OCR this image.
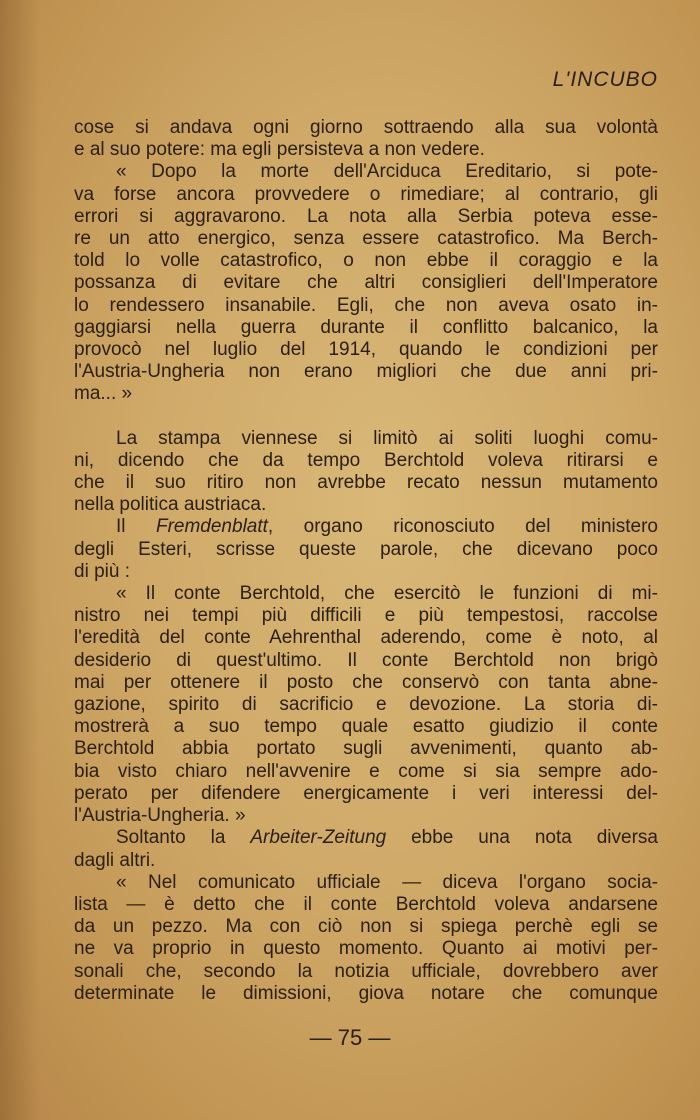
L'INCUBO

cose si andava ogni giorno sottraendo alla sua volontà

e al suo potere: ma egli persisteva a non vedere.

« Dopo la morte dell'Arciduca Ereditario, si pote-

va forse ancora provvedere o rimediare; al contrario, gli
errori si aggravarono. La nota alla Serbia poteva esse-
re un atto energico, senza essere catastrofico. Ma Berch-
told lo volle catastrofico, o non ebbe il coraggio e la
possanza di evitare che altri consiglieri dell'Imperatore
lo rendessero insanabile. Egli, che non aveva osato in-
gaggiarsi nella guerra durante il conflitto balcanico, la
provocò nel luglio del 1914, quando le condizioni per
l'Austria-Ungheria non erano migliori che due anni pri-

ma... »

La stampa viennese si limitò ai soliti luoghi comu-

ni, dicendo che da tempo Berchtold voleva ritirarsi e
che il suo ritiro non avrebbe recato nessun mutamento

nella politica austriaca.

Il Fremdenblatt, organo riconosciuto del ministero

degli Esteri, scrisse queste parole, che dicevano poco

di più :

« Il conte Berchtold, che esercitò le funzioni di mi-

nistro nei tempi più difficili e più tempestosi, raccolse
l'eredità del conte Aehrenthal aderendo, come è noto, al
desiderio di quest'ultimo. Il conte Berchtold non brigò
mai per ottenere il posto che conservò con tanta abne-
gazione, spirito di sacrificio e devozione. La storia di-
mostrerà a suo tempo quale esatto giudizio il conte
Berchtold abbia portato sugli avvenimenti, quanto ab-
bia visto chiaro nell'avvenire e come si sia sempre ado-
perato per difendere energicamente i veri interessi del-

l'Austria-Ungheria. »

Soltanto la Arbeiter-Zeitung ebbe una nota diversa

dagli altri.

« Nel comunicato ufficiale — diceva l'organo socia-

lista — è detto che il conte Berchtold voleva andarsene
da un pezzo. Ma con ciò non si spiega perchè egli se
ne va proprio in questo momento. Quanto ai motivi per-
sonali che, secondo la notizia ufficiale, dovrebbero aver
determinate le dimissioni, giova notare che comunque

— 75 —
